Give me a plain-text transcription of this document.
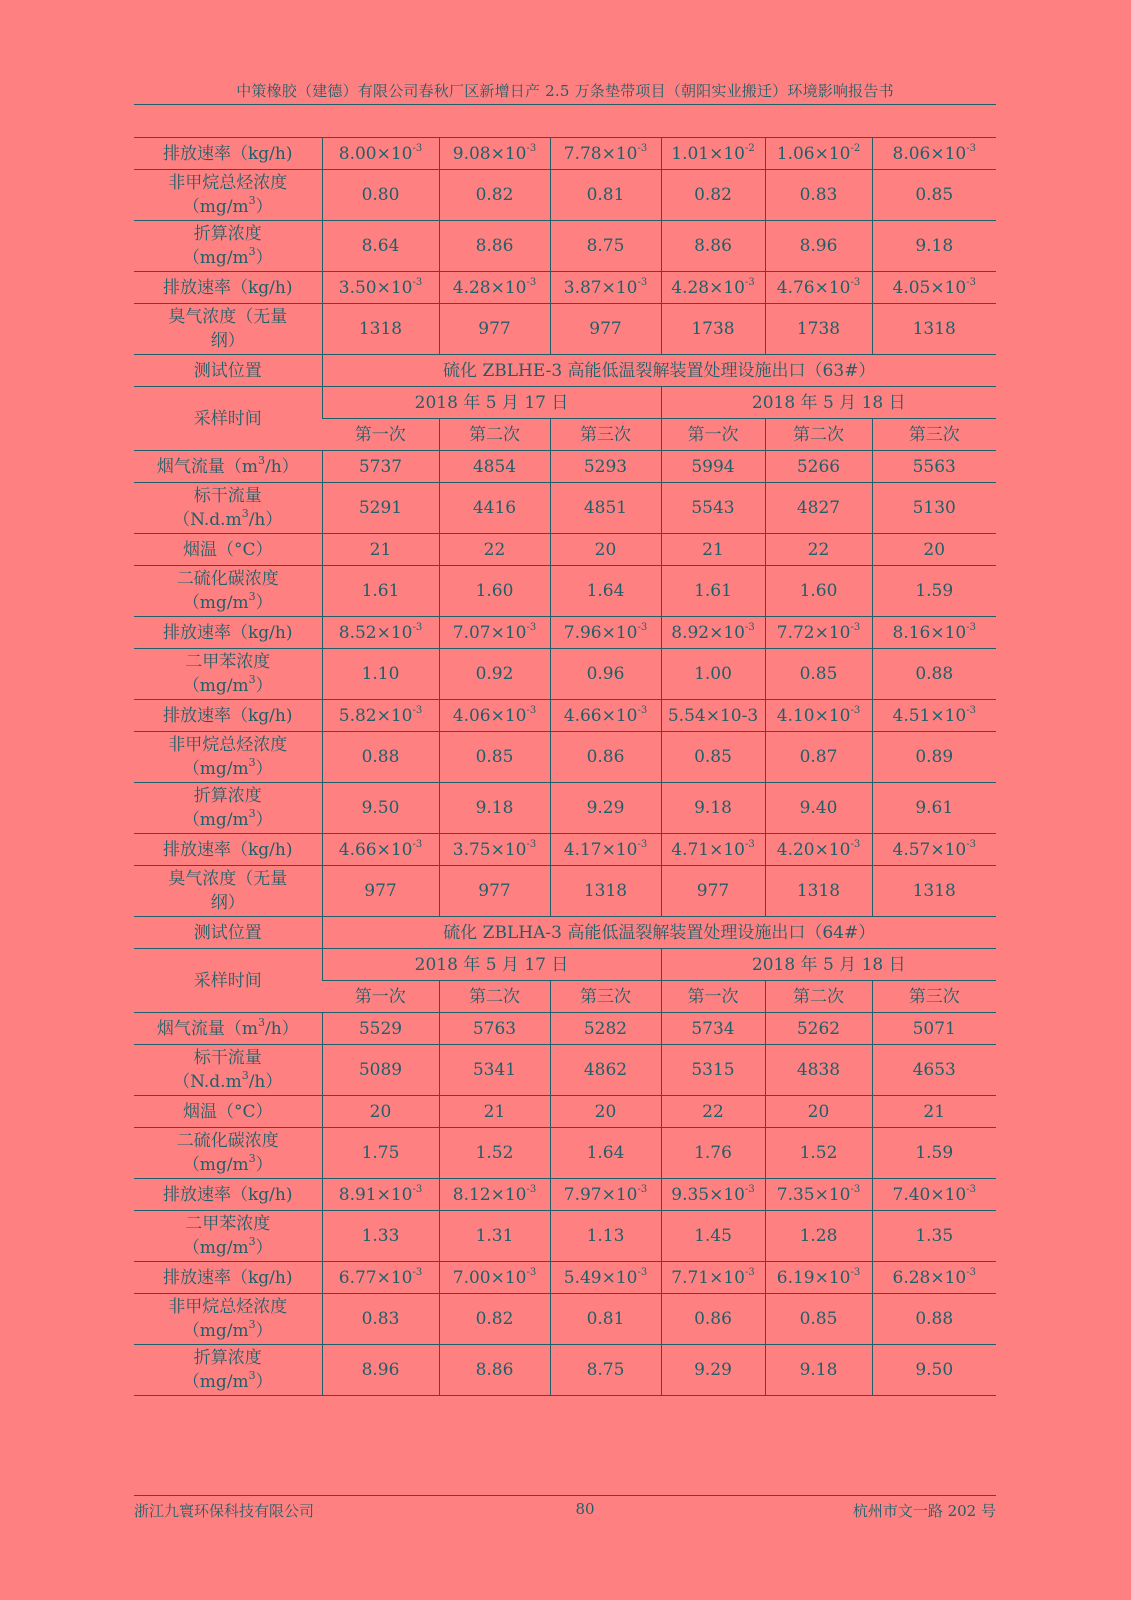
中策橡胶（建德）有限公司春秋厂区新增日产 2.5 万条垫带项目（朝阳实业搬迁）环境影响报告书
排放速率（kg/h)	$8.00\times 10^{-3}$	$9.08\times 10^{-3}$	$7.78\times 10^{-3}$	$1.01\times 10^{-2}$	$1.06\times 10^{-2}$	$8.06\times 10^{-3}$

非甲烷总烃浓度
$(mg/m^3)$	0.80	0.82	0.81	0.82	0.83	0.85

折算浓度
$(mg/m^3)$	8.64	8.86	8.75	8.86	8.96	9.18

排放速率（kg/h)	$3.50\times 10^{-3}$	$4.28\times 10^{-3}$	$3.87\times 10^{-3}$	$4.28\times 10^{-3}$	$4.76\times 10^{-3}$	$4.05\times 10^{-3}$

臭气浓度（无量
纲）	1318	977	977	1738	1738	1318
测试位置	硫化 ZBLHE-3 高能低温裂解装置处理设施出口（63#）					
采样时间	2018 年 5 月 17 日			2018 年 5 月 18 日		
	第一次	第二次	第三次	第一次	第二次	第三次

烟气流量$(m^3/h)$	5737	4854	5293	5994	5266	5563

标干流量
$(N.d.m^3/h)$	5291	4416	4851	5543	4827	5130

烟温（°C）	21	22	20	21	22	20

二硫化碳浓度
$(mg/m^3)$	1.61	1.60	1.64	1.61	1.60	1.59

排放速率（kg/h)	$8.52\times 10^{-3}$	$7.07\times 10^{-3}$	$7.96\times 10^{-3}$	$8.92\times 10^{-3}$	$7.72\times 10^{-3}$	$8.16\times 10^{-3}$

二甲苯浓度
$(mg/m^3)$	1.10	0.92	0.96	1.00	0.85	0.88

排放速率（kg/h)	$5.82\times 10^{-3}$	$4.06\times 10^{-3}$	$4.66\times 10^{-3}$	5.54×10-3	$4.10\times 10^{-3}$	$4.51\times 10^{-3}$

非甲烷总烃浓度
$(mg/m^3)$	0.88	0.85	0.86	0.85	0.87	0.89

折算浓度
$(mg/m^3)$	9.50	9.18	9.29	9.18	9.40	9.61

排放速率（kg/h)	$4.66\times 10^{-3}$	$3.75\times 10^{-3}$	$4.17\times 10^{-3}$	$4.71\times 10^{-3}$	$4.20\times 10^{-3}$	$4.57\times 10^{-3}$

臭气浓度（无量
纲）	977	977	1318	977	1318	1318
测试位置	硫化 ZBLHA-3 高能低温裂解装置处理设施出口（64#）					
采样时间	2018 年 5 月 17 日			2018 年 5 月 18 日		
	第一次	第二次	第三次	第一次	第二次	第三次

烟气流量$(m^3/h)$	5529	5763	5282	5734	5262	5071

标干流量
$(N.d.m^3/h)$	5089	5341	4862	5315	4838	4653

烟温（°C）	20	21	20	22	20	21

二硫化碳浓度
$(mg/m^3)$	1.75	1.52	1.64	1.76	1.52	1.59

排放速率（kg/h)	$8.91\times 10^{-3}$	$8.12\times 10^{-3}$	$7.97\times 10^{-3}$	$9.35\times 10^{-3}$	$7.35\times 10^{-3}$	$7.40\times 10^{-3}$

二甲苯浓度
$(mg/m^3)$	1.33	1.31	1.13	1.45	1.28	1.35

排放速率（kg/h)	$6.77\times 10^{-3}$	$7.00\times 10^{-3}$	$5.49\times 10^{-3}$	$7.71\times 10^{-3}$	$6.19\times 10^{-3}$	$6.28\times 10^{-3}$

非甲烷总烃浓度
$(mg/m^3)$	0.83	0.82	0.81	0.86	0.85	0.88

折算浓度
$(mg/m^3)$	8.96	8.86	8.75	9.29	9.18	9.50
浙江九寰环保科技有限公司	80	杭州市文一路 202 号
